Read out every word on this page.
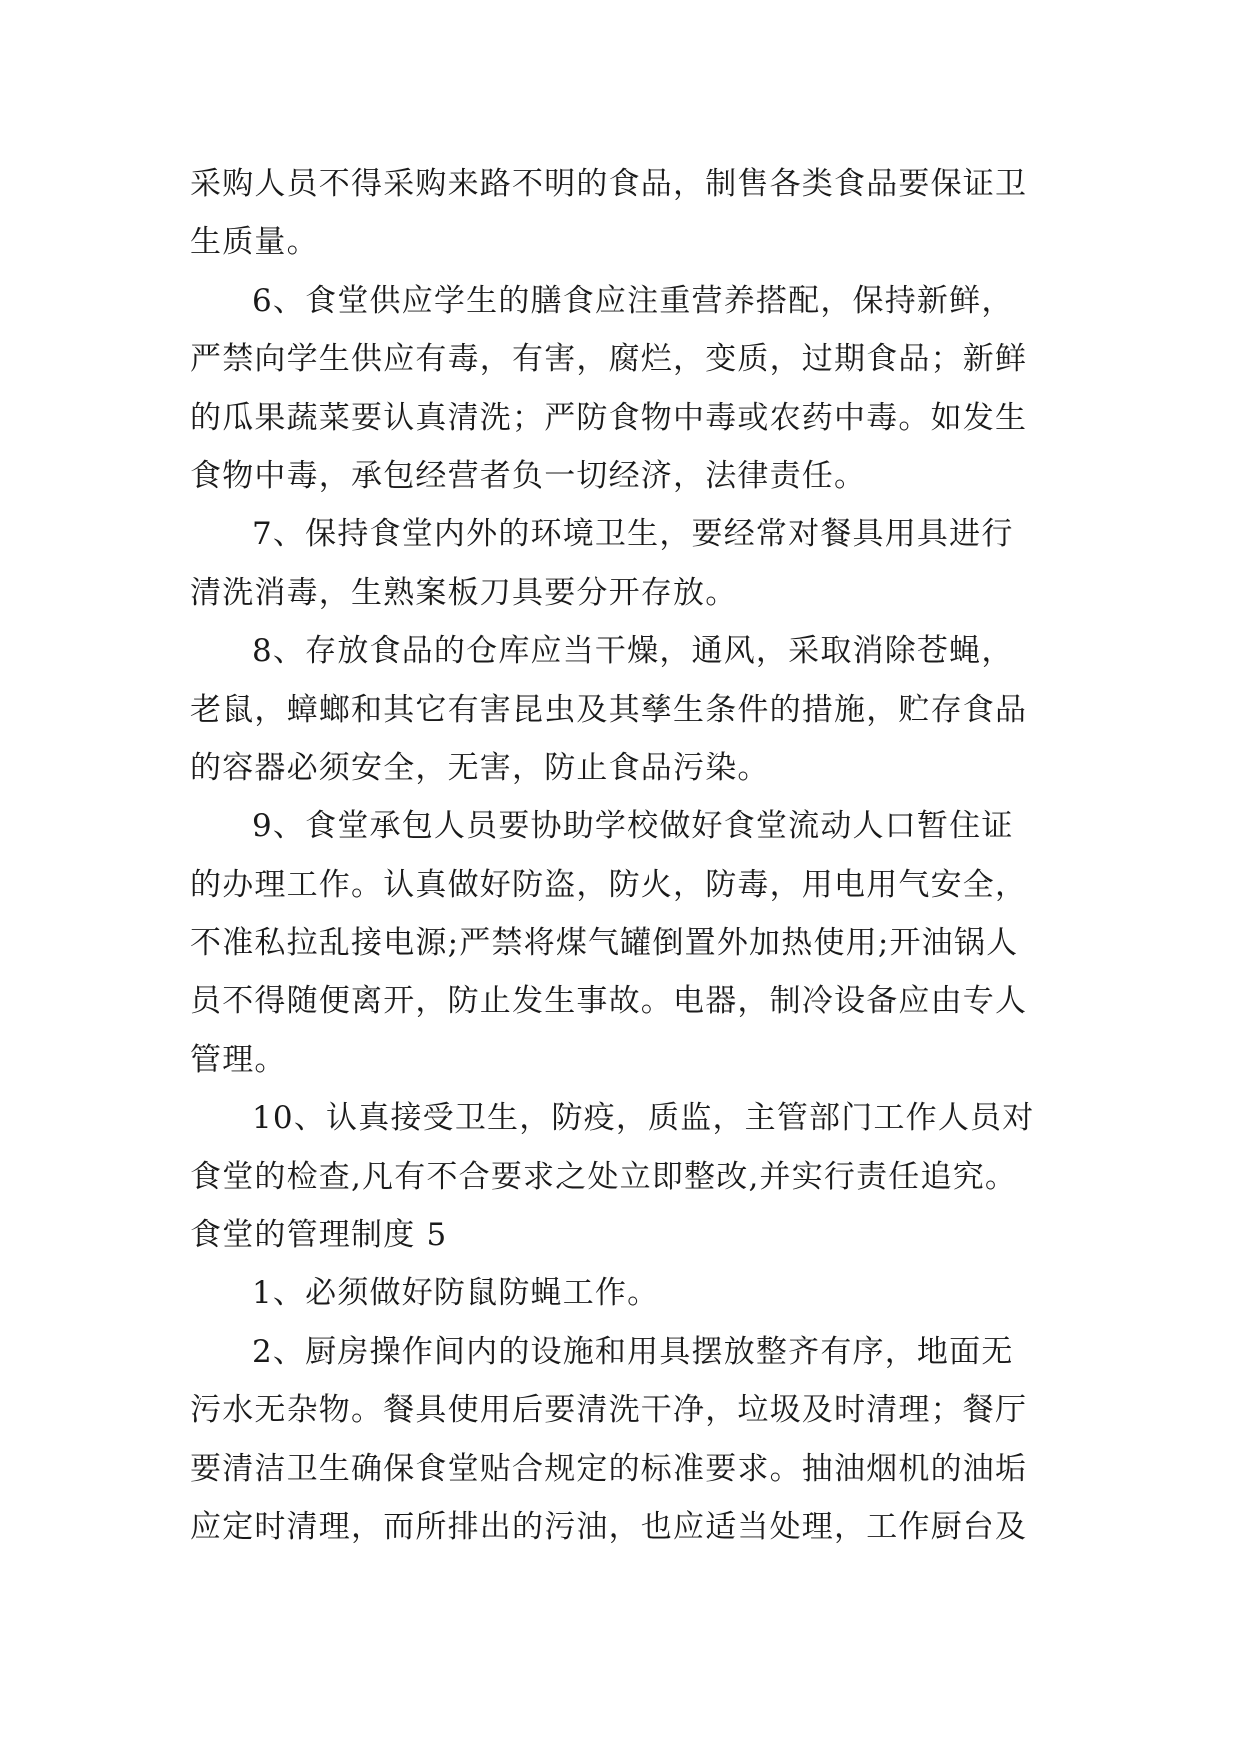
采购人员不得采购来路不明的食品，制售各类食品要保证卫
生质量。
6、食堂供应学生的膳食应注重营养搭配，保持新鲜，
严禁向学生供应有毒，有害，腐烂，变质，过期食品；新鲜
的瓜果蔬菜要认真清洗；严防食物中毒或农药中毒。如发生
食物中毒，承包经营者负一切经济，法律责任。
7、保持食堂内外的环境卫生，要经常对餐具用具进行
清洗消毒，生熟案板刀具要分开存放。
8、存放食品的仓库应当干燥，通风，采取消除苍蝇，
老鼠，蟑螂和其它有害昆虫及其孳生条件的措施，贮存食品
的容器必须安全，无害，防止食品污染。
9、食堂承包人员要协助学校做好食堂流动人口暂住证
的办理工作。认真做好防盗，防火，防毒，用电用气安全，
不准私拉乱接电源;严禁将煤气罐倒置外加热使用;开油锅人
员不得随便离开，防止发生事故。电器，制冷设备应由专人
管理。
10、认真接受卫生，防疫，质监，主管部门工作人员对
食堂的检查,凡有不合要求之处立即整改,并实行责任追究。
食堂的管理制度 5
1、必须做好防鼠防蝇工作。
2、厨房操作间内的设施和用具摆放整齐有序，地面无
污水无杂物。餐具使用后要清洗干净，垃圾及时清理；餐厅
要清洁卫生确保食堂贴合规定的标准要求。抽油烟机的油垢
应定时清理，而所排出的污油，也应适当处理，工作厨台及
